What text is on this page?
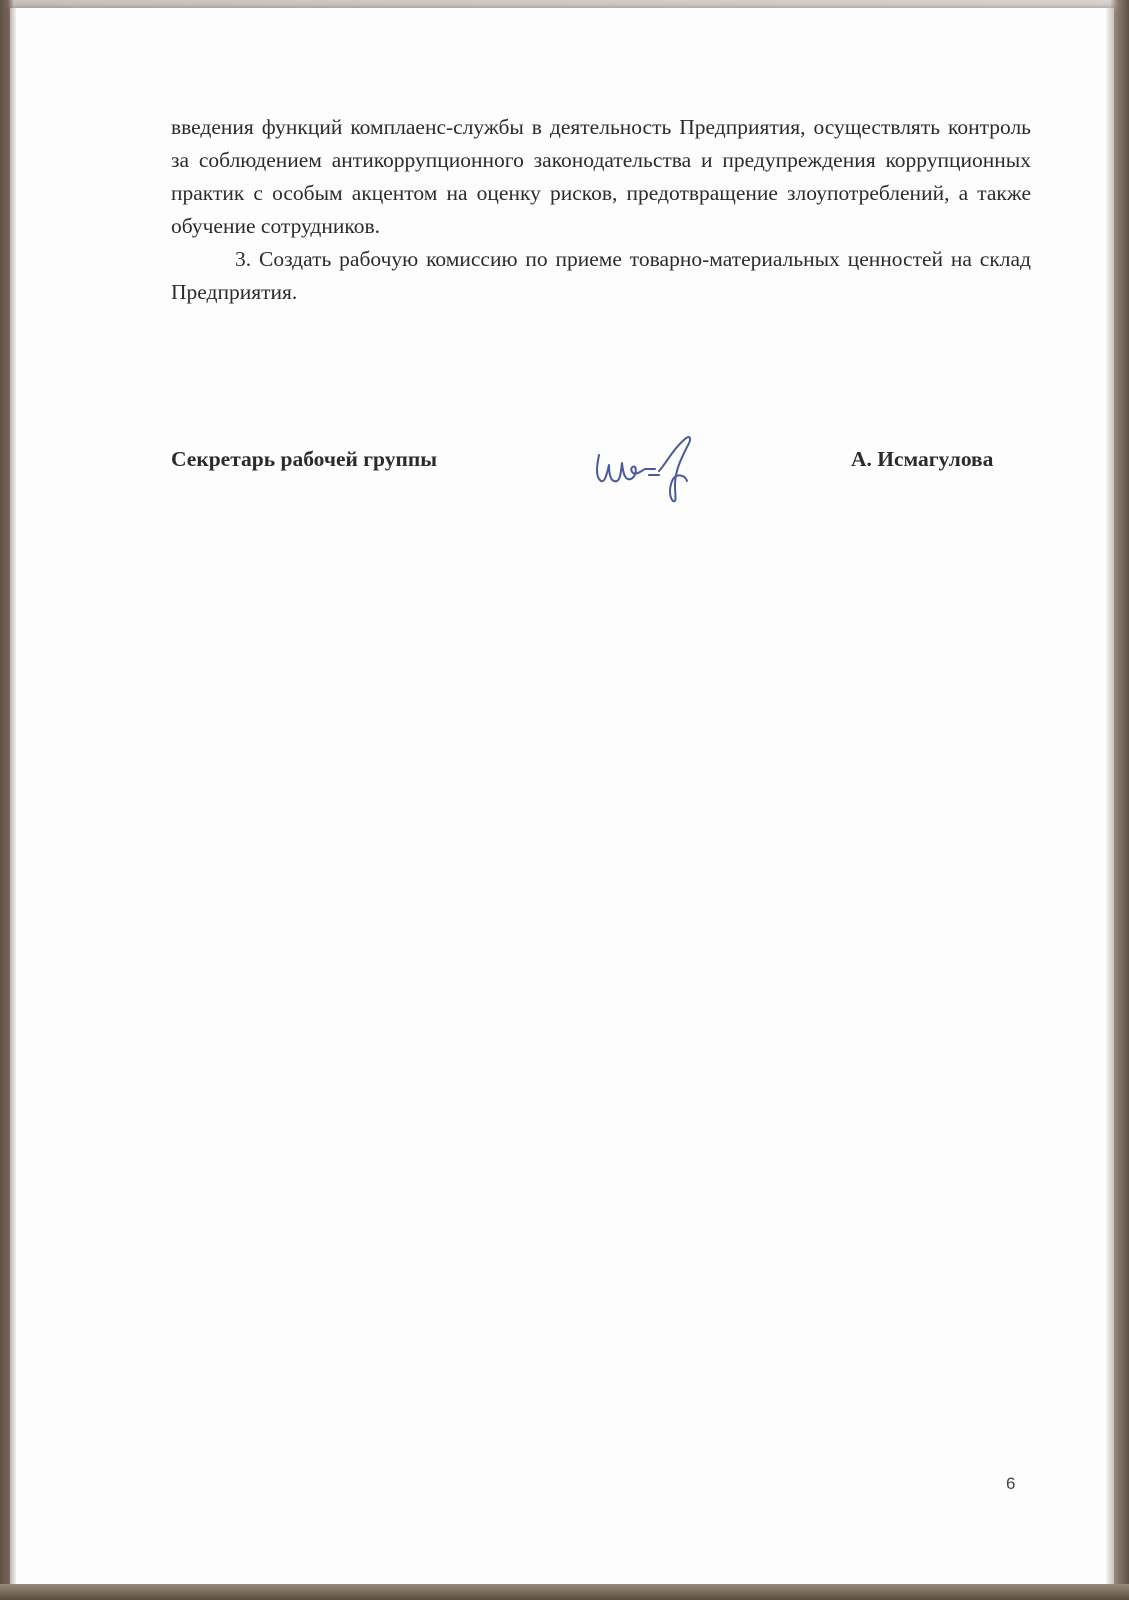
введения функций комплаенс-службы в деятельность Предприятия, осуществлять контроль за соблюдением антикоррупционного законодательства и предупреждения коррупционных практик с особым акцентом на оценку рисков, предотвращение злоупотреблений, а также обучение сотрудников.

3. Создать рабочую комиссию по приеме товарно-материальных ценностей на склад Предприятия.

Секретарь рабочей группы	А. Исмагулова
6
